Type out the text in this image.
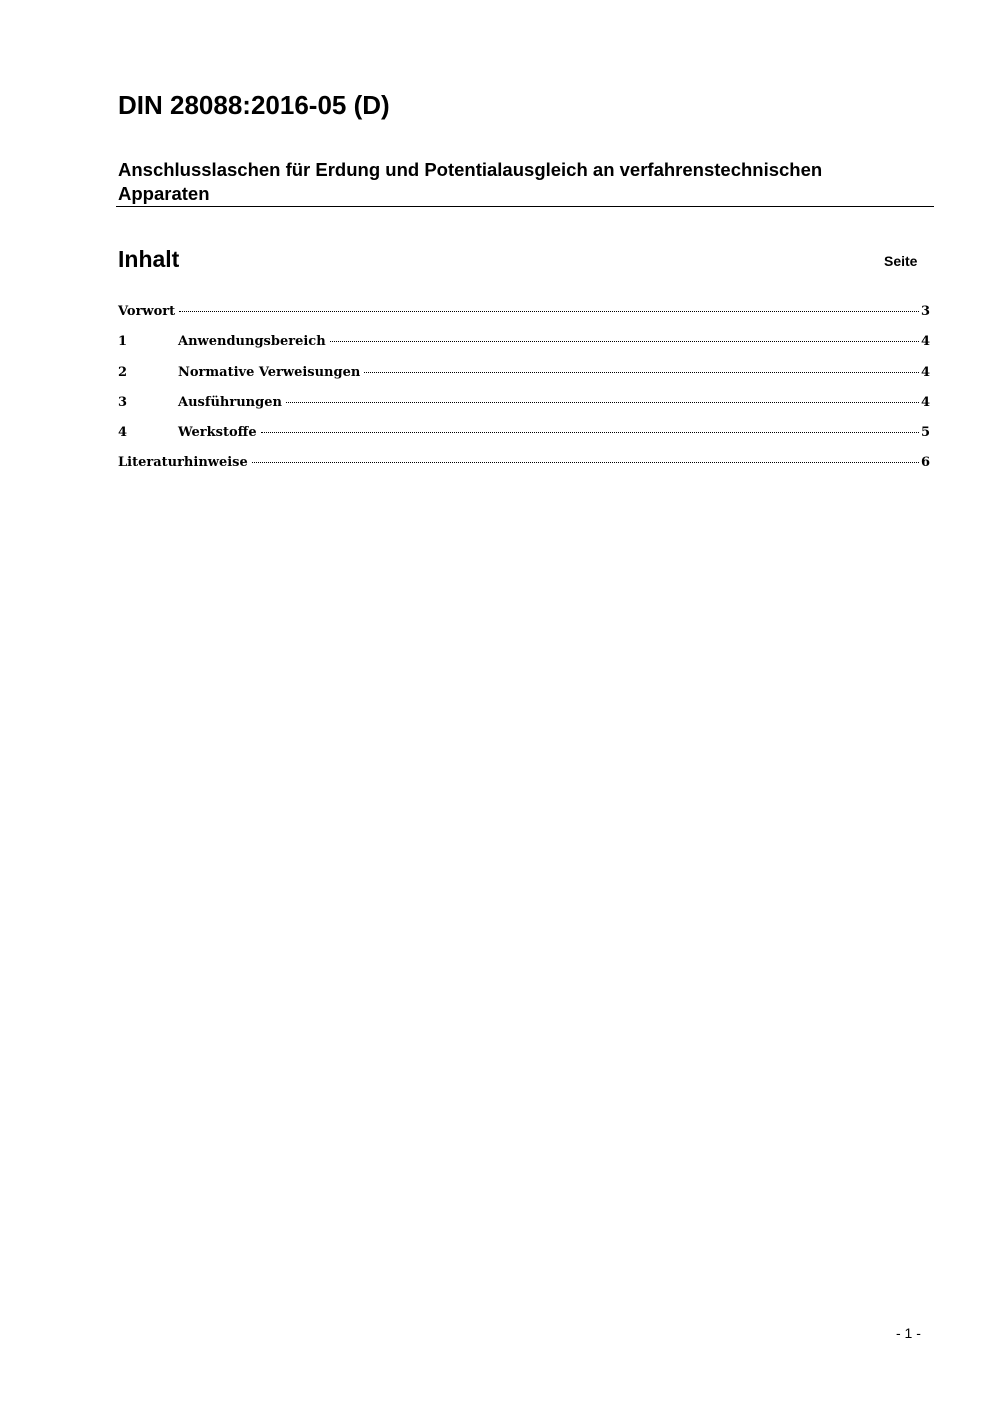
DIN 28088:2016-05 (D)
Anschlusslaschen für Erdung und Potentialausgleich an verfahrenstechnischen Apparaten
Inhalt	Seite
Vorwort	3
1	Anwendungsbereich	4
2	Normative Verweisungen	4
3	Ausführungen	4
4	Werkstoffe	5
Literaturhinweise	6
- 1 -
